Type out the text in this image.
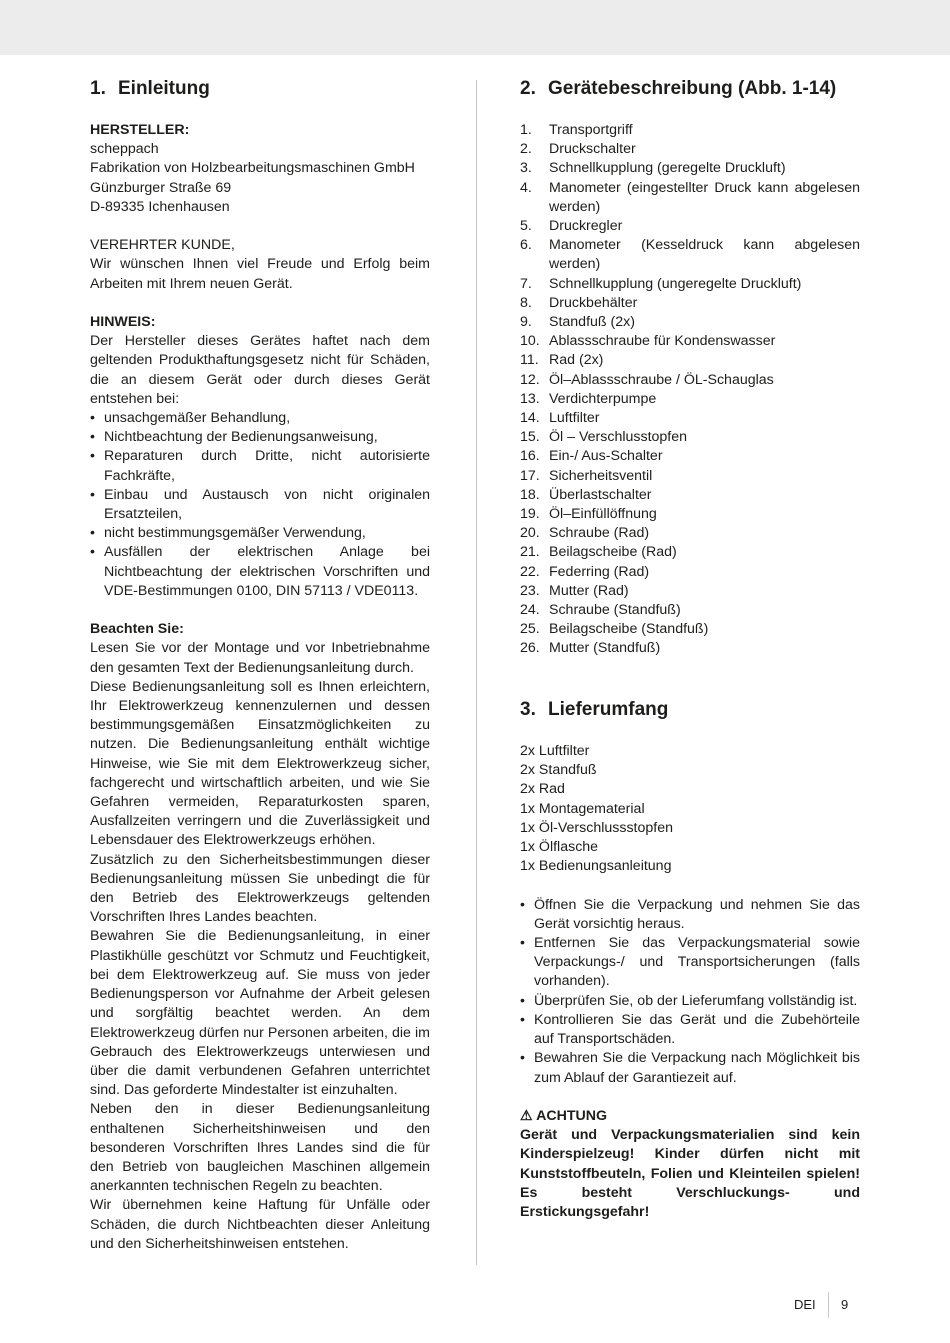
1. Einleitung

HERSTELLER:

scheppach

Fabrikation von Holzbearbeitungsmaschinen GmbH

Günzburger Straße 69

D-89335 Ichenhausen

VEREHRTER KUNDE,

Wir wünschen Ihnen viel Freude und Erfolg beim Arbeiten mit Ihrem neuen Gerät.

HINWEIS:

Der Hersteller dieses Gerätes haftet nach dem geltenden Produkthaftungsgesetz nicht für Schäden, die an diesem Gerät oder durch dieses Gerät entstehen bei:

• unsachgemäßer Behandlung,
• Nichtbeachtung der Bedienungsanweisung,
• Reparaturen durch Dritte, nicht autorisierte Fachkräfte,
• Einbau und Austausch von nicht originalen Ersatzteilen,
• nicht bestimmungsgemäßer Verwendung,
• Ausfällen der elektrischen Anlage bei Nichtbeachtung der elektrischen Vorschriften und VDE-Bestimmungen 0100, DIN 57113 / VDE0113.

Beachten Sie:

Lesen Sie vor der Montage und vor Inbetriebnahme den gesamten Text der Bedienungsanleitung durch.

Diese Bedienungsanleitung soll es Ihnen erleichtern, Ihr Elektrowerkzeug kennenzulernen und dessen bestimmungsgemäßen Einsatzmöglichkeiten zu nutzen. Die Bedienungsanleitung enthält wichtige Hinweise, wie Sie mit dem Elektrowerkzeug sicher, fachgerecht und wirtschaftlich arbeiten, und wie Sie Gefahren vermeiden, Reparaturkosten sparen, Ausfallzeiten verringern und die Zuverlässigkeit und Lebensdauer des Elektrowerkzeugs erhöhen.

Zusätzlich zu den Sicherheitsbestimmungen dieser Bedienungsanleitung müssen Sie unbedingt die für den Betrieb des Elektrowerkzeugs geltenden Vorschriften Ihres Landes beachten.

Bewahren Sie die Bedienungsanleitung, in einer Plastikhülle geschützt vor Schmutz und Feuchtigkeit, bei dem Elektrowerkzeug auf. Sie muss von jeder Bedienungsperson vor Aufnahme der Arbeit gelesen und sorgfältig beachtet werden. An dem Elektrowerkzeug dürfen nur Personen arbeiten, die im Gebrauch des Elektrowerkzeugs unterwiesen und über die damit verbundenen Gefahren unterrichtet sind. Das geforderte Mindestalter ist einzuhalten.

Neben den in dieser Bedienungsanleitung enthaltenen Sicherheitshinweisen und den besonderen Vorschriften Ihres Landes sind die für den Betrieb von baugleichen Maschinen allgemein anerkannten technischen Regeln zu beachten.

Wir übernehmen keine Haftung für Unfälle oder Schäden, die durch Nichtbeachten dieser Anleitung und den Sicherheitshinweisen entstehen.

2. Gerätebeschreibung (Abb. 1-14)
1. Transportgriff
2. Druckschalter
3. Schnellkupplung (geregelte Druckluft)
4. Manometer (eingestellter Druck kann abgelesen werden)
5. Druckregler
6. Manometer (Kesseldruck kann abgelesen werden)
7. Schnellkupplung (ungeregelte Druckluft)
8. Druckbehälter
9. Standfuß (2x)
10. Ablassschraube für Kondenswasser
11. Rad (2x)
12. Öl–Ablassschraube / ÖL-Schauglas
13. Verdichterpumpe
14. Luftfilter
15. Öl – Verschlusstopfen
16. Ein-/ Aus-Schalter
17. Sicherheitsventil
18. Überlastschalter
19. Öl–Einfüllöffnung
20. Schraube (Rad)
21. Beilagscheibe (Rad)
22. Federring (Rad)
23. Mutter (Rad)
24. Schraube (Standfuß)
25. Beilagscheibe (Standfuß)
26. Mutter (Standfuß)
3. Lieferumfang
2x Luftfilter
2x Standfuß
2x Rad
1x Montagematerial
1x Öl-Verschlussstopfen
1x Ölflasche
1x Bedienungsanleitung
• Öffnen Sie die Verpackung und nehmen Sie das Gerät vorsichtig heraus.
• Entfernen Sie das Verpackungsmaterial sowie Verpackungs-/ und Transportsicherungen (falls vorhanden).
• Überprüfen Sie, ob der Lieferumfang vollständig ist.
• Kontrollieren Sie das Gerät und die Zubehörteile auf Transportschäden.
• Bewahren Sie die Verpackung nach Möglichkeit bis zum Ablauf der Garantiezeit auf.

⚠ ACHTUNG

Gerät und Verpackungsmaterialien sind kein Kinderspielzeug! Kinder dürfen nicht mit Kunststoffbeuteln, Folien und Kleinteilen spielen! Es besteht Verschluckungs- und Erstickungsgefahr!

DEI 9
